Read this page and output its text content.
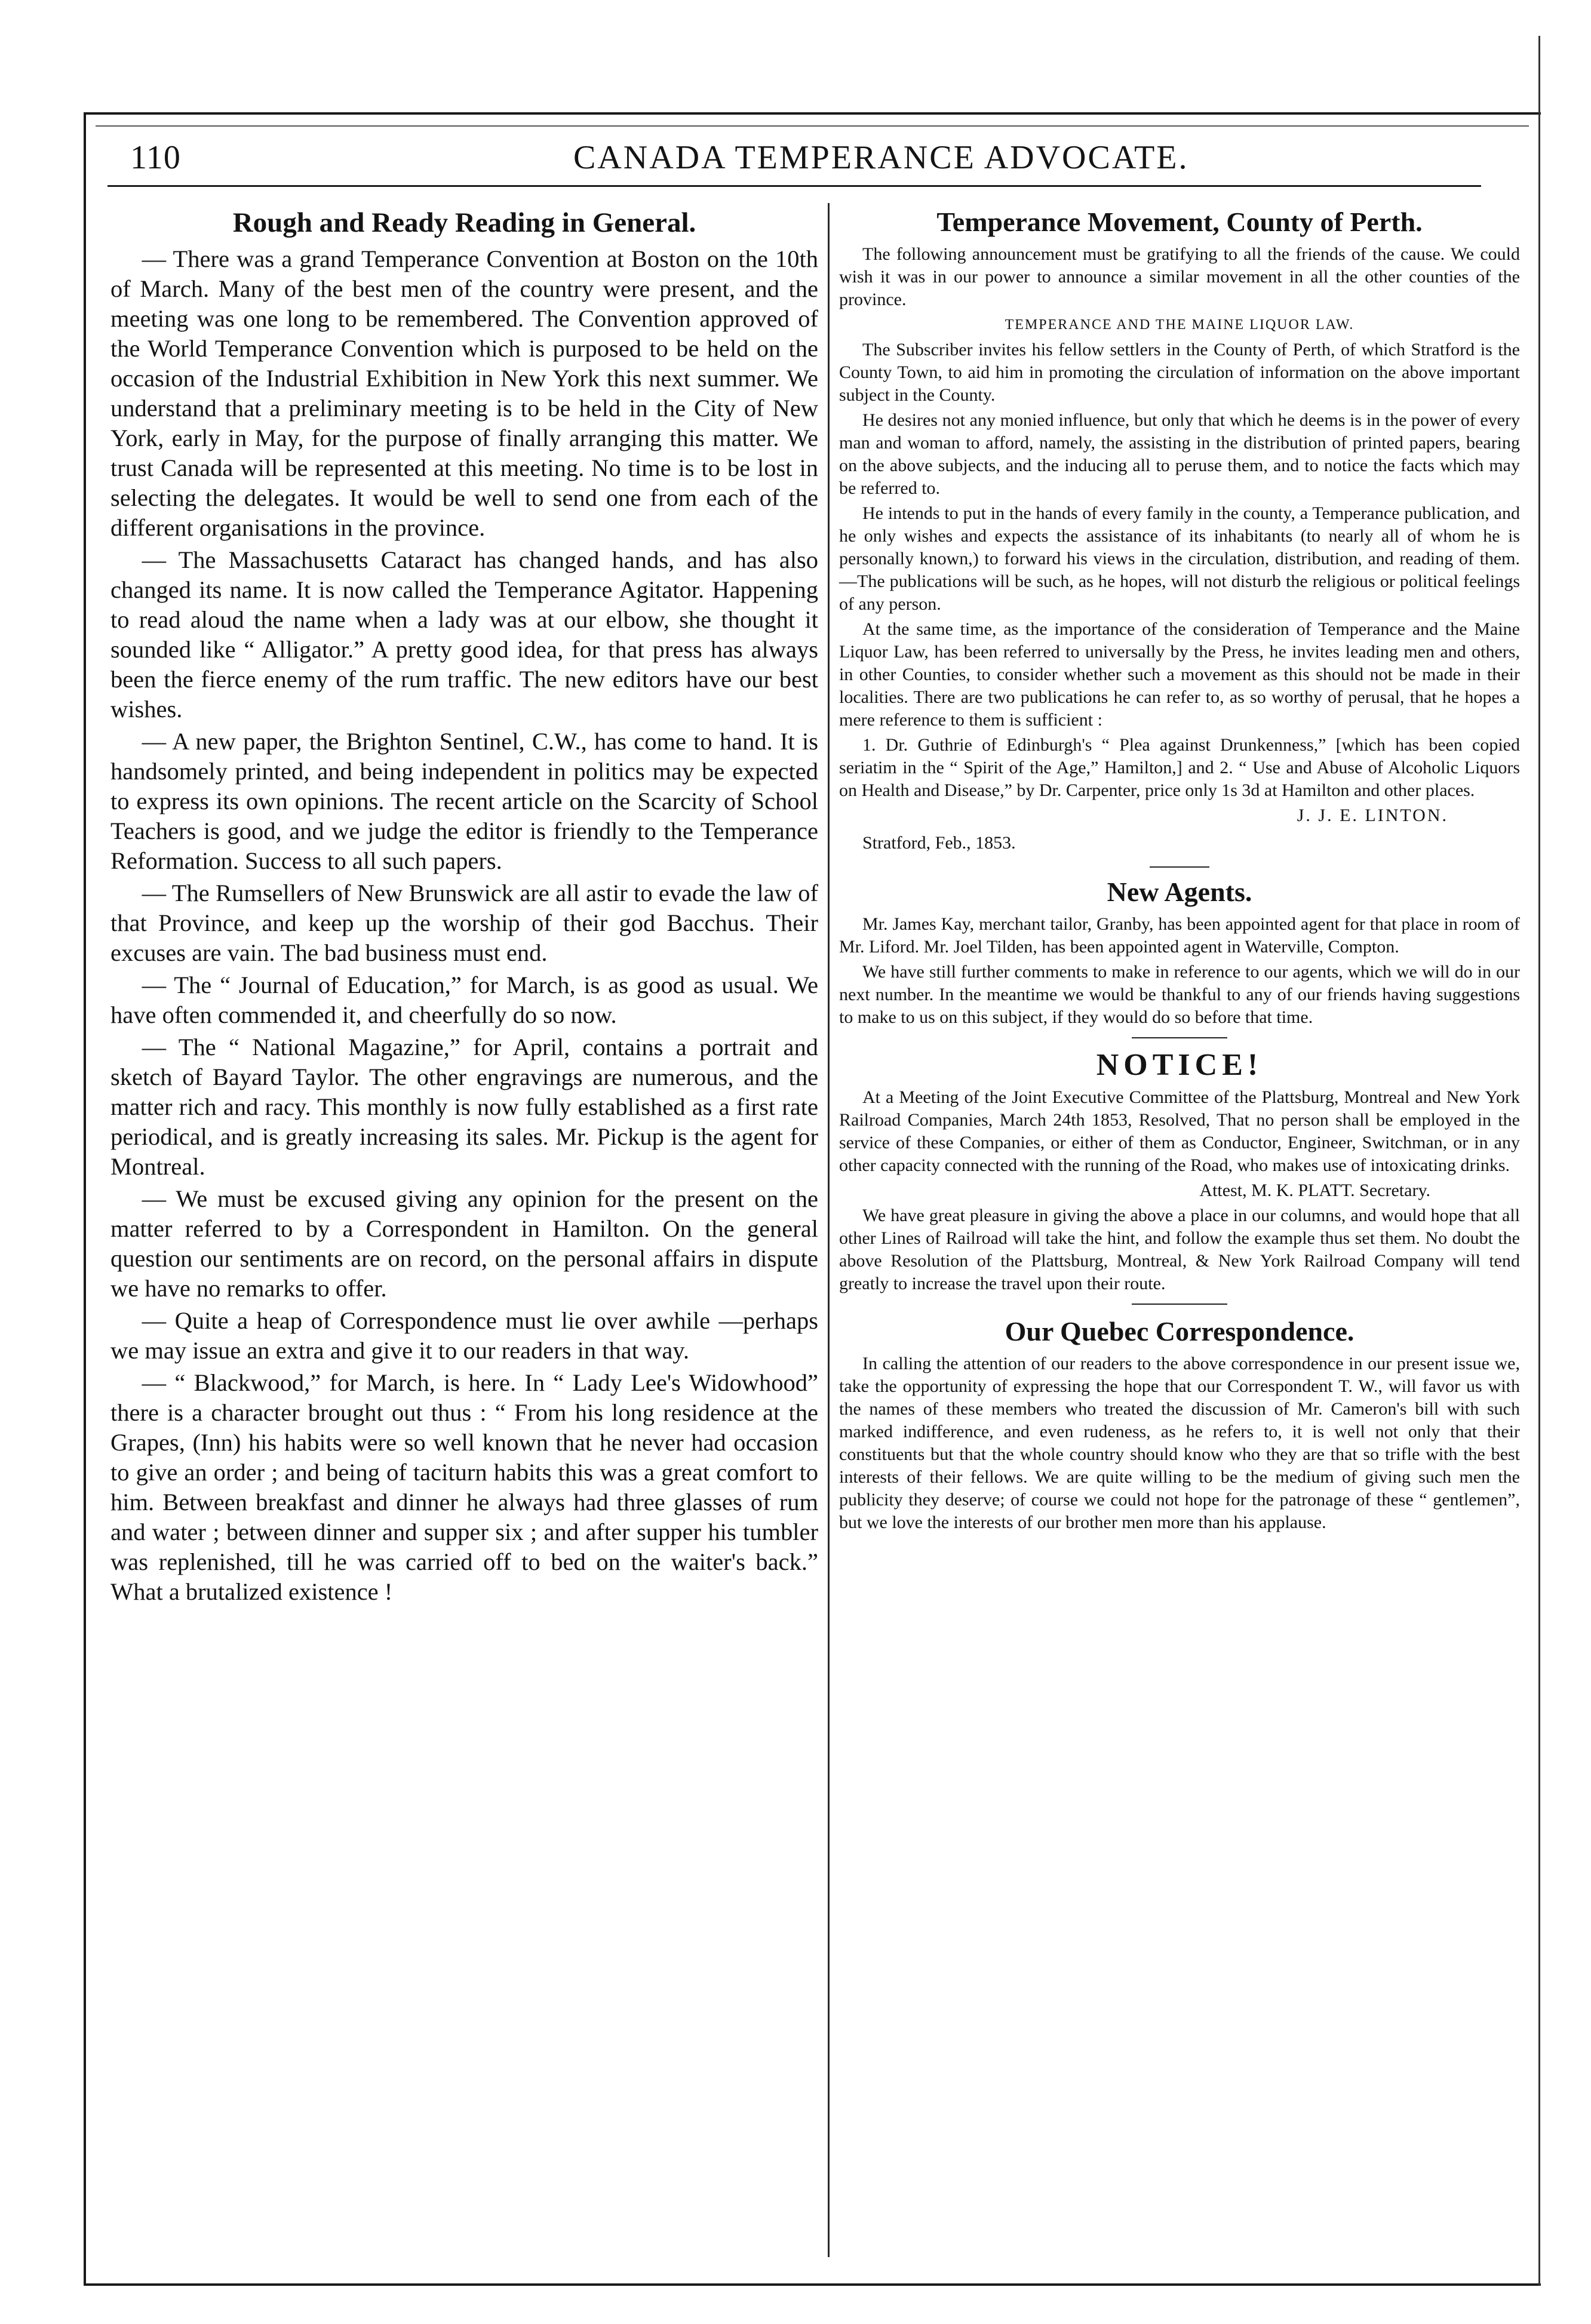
110	CANADA TEMPERANCE ADVOCATE.
Rough and Ready Reading in General.

— There was a grand Temperance Convention at Boston on the 10th of March. Many of the best men of the country were present, and the meeting was one long to be remembered. The Convention approved of the World Temperance Convention which is purposed to be held on the occasion of the Industrial Exhibition in New York this next summer. We understand that a preliminary meeting is to be held in the City of New York, early in May, for the purpose of finally arranging this matter. We trust Canada will be represented at this meeting. No time is to be lost in selecting the delegates. It would be well to send one from each of the different organisations in the province.

— The Massachusetts Cataract has changed hands, and has also changed its name. It is now called the Temperance Agitator. Happening to read aloud the name when a lady was at our elbow, she thought it sounded like “ Alligator.” A pretty good idea, for that press has always been the fierce enemy of the rum traffic. The new editors have our best wishes.

— A new paper, the Brighton Sentinel, C.W., has come to hand. It is handsomely printed, and being independent in politics may be expected to express its own opinions. The recent article on the Scarcity of School Teachers is good, and we judge the editor is friendly to the Temperance Reformation. Success to all such papers.

— The Rumsellers of New Brunswick are all astir to evade the law of that Province, and keep up the worship of their god Bacchus. Their excuses are vain. The bad business must end.

— The “ Journal of Education,” for March, is as good as usual. We have often commended it, and cheerfully do so now.

— The “ National Magazine,” for April, contains a portrait and sketch of Bayard Taylor. The other engravings are numerous, and the matter rich and racy. This monthly is now fully established as a first rate periodical, and is greatly increasing its sales. Mr. Pickup is the agent for Montreal.

— We must be excused giving any opinion for the present on the matter referred to by a Correspondent in Hamilton. On the general question our sentiments are on record, on the personal affairs in dispute we have no remarks to offer.

— Quite a heap of Correspondence must lie over awhile —perhaps we may issue an extra and give it to our readers in that way.

— “ Blackwood,” for March, is here. In “ Lady Lee's Widowhood” there is a character brought out thus : “ From his long residence at the Grapes, (Inn) his habits were so well known that he never had occasion to give an order ; and being of taciturn habits this was a great comfort to him. Between breakfast and dinner he always had three glasses of rum and water ; between dinner and supper six ; and after supper his tumbler was replenished, till he was carried off to bed on the waiter's back.” What a brutalized existence !

Temperance Movement, County of Perth.

The following announcement must be gratifying to all the friends of the cause. We could wish it was in our power to announce a similar movement in all the other counties of the province.

TEMPERANCE AND THE MAINE LIQUOR LAW.

The Subscriber invites his fellow settlers in the County of Perth, of which Stratford is the County Town, to aid him in promoting the circulation of information on the above important subject in the County.

He desires not any monied influence, but only that which he deems is in the power of every man and woman to afford, namely, the assisting in the distribution of printed papers, bearing on the above subjects, and the inducing all to peruse them, and to notice the facts which may be referred to.

He intends to put in the hands of every family in the county, a Temperance publication, and he only wishes and expects the assistance of its inhabitants (to nearly all of whom he is personally known,) to forward his views in the circulation, distribution, and reading of them.—The publications will be such, as he hopes, will not disturb the religious or political feelings of any person.

At the same time, as the importance of the consideration of Temperance and the Maine Liquor Law, has been referred to universally by the Press, he invites leading men and others, in other Counties, to consider whether such a movement as this should not be made in their localities. There are two publications he can refer to, as so worthy of perusal, that he hopes a mere reference to them is sufficient :

1. Dr. Guthrie of Edinburgh's “ Plea against Drunkenness,” [which has been copied seriatim in the “ Spirit of the Age,” Hamilton,] and 2. “ Use and Abuse of Alcoholic Liquors on Health and Disease,” by Dr. Carpenter, price only 1s 3d at Hamilton and other places.

J. J. E. LINTON.

Stratford, Feb., 1853.

New Agents.

Mr. James Kay, merchant tailor, Granby, has been appointed agent for that place in room of Mr. Liford. Mr. Joel Tilden, has been appointed agent in Waterville, Compton.

We have still further comments to make in reference to our agents, which we will do in our next number. In the meantime we would be thankful to any of our friends having suggestions to make to us on this subject, if they would do so before that time.

NOTICE!

At a Meeting of the Joint Executive Committee of the Plattsburg, Montreal and New York Railroad Companies, March 24th 1853, Resolved, That no person shall be employed in the service of these Companies, or either of them as Conductor, Engineer, Switchman, or in any other capacity connected with the running of the Road, who makes use of intoxicating drinks.

Attest, M. K. PLATT. Secretary.

We have great pleasure in giving the above a place in our columns, and would hope that all other Lines of Railroad will take the hint, and follow the example thus set them. No doubt the above Resolution of the Plattsburg, Montreal, & New York Railroad Company will tend greatly to increase the travel upon their route.

Our Quebec Correspondence.

In calling the attention of our readers to the above correspondence in our present issue we, take the opportunity of expressing the hope that our Correspondent T. W., will favor us with the names of these members who treated the discussion of Mr. Cameron's bill with such marked indifference, and even rudeness, as he refers to, it is well not only that their constituents but that the whole country should know who they are that so trifle with the best interests of their fellows. We are quite willing to be the medium of giving such men the publicity they deserve; of course we could not hope for the patronage of these “ gentlemen”, but we love the interests of our brother men more than his applause.
